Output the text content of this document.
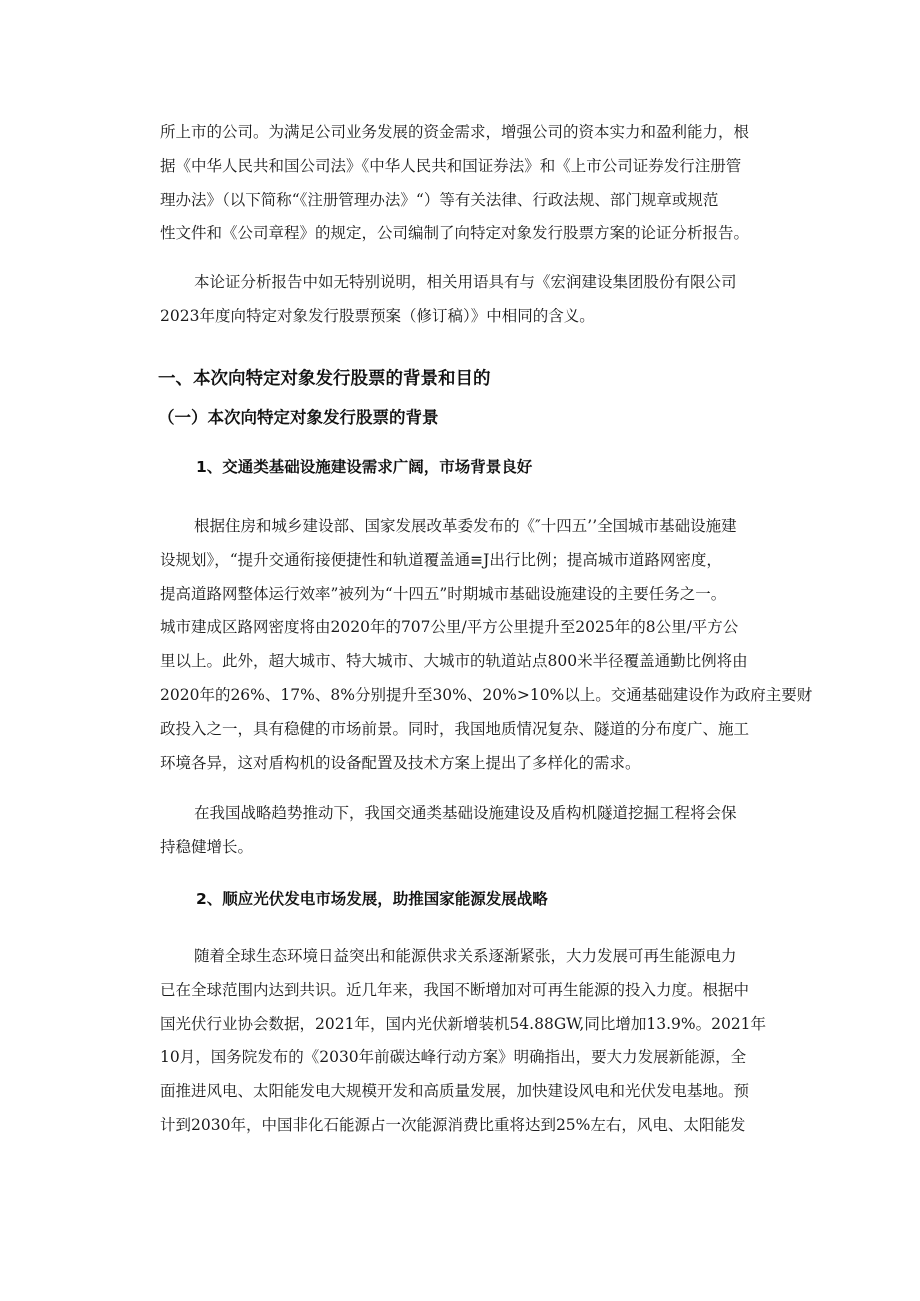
所上市的公司。为满足公司业务发展的资金需求，增强公司的资本实力和盈利能力，根
据《中华人民共和国公司法》《中华人民共和国证券法》和《上市公司证券发行注册管
理办法》（以下简称“《注册管理办法》“）等有关法律、行政法规、部门规章或规范
性文件和《公司章程》的规定，公司编制了向特定对象发行股票方案的论证分析报告。
本论证分析报告中如无特别说明，相关用语具有与《宏润建设集团股份有限公司
2023年度向特定对象发行股票预案（修订稿）》中相同的含义。
一、本次向特定对象发行股票的背景和目的
（一）本次向特定对象发行股票的背景
1、交通类基础设施建设需求广阔，市场背景良好
根据住房和城乡建设部、国家发展改革委发布的《″十四五’’全国城市基础设施建
设规划》，“提升交通衔接便捷性和轨道覆盖通≡J出行比例；提高城市道路网密度，
提高道路网整体运行效率”被列为“十四五”时期城市基础设施建设的主要任务之一。
城市建成区路网密度将由2020年的707公里/平方公里提升至2025年的8公里/平方公
里以上。此外，超大城市、特大城市、大城市的轨道站点800米半径覆盖通勤比例将由
2020年的26%、17%、8%分别提升至30%、20%>10%以上。交通基础建设作为政府主要财
政投入之一，具有稳健的市场前景。同时，我国地质情况复杂、隧道的分布度广、施工
环境各异，这对盾构机的设备配置及技术方案上提出了多样化的需求。
在我国战略趋势推动下，我国交通类基础设施建设及盾构机隧道挖掘工程将会保
持稳健增长。
2、顺应光伏发电市场发展，助推国家能源发展战略
随着全球生态环境日益突出和能源供求关系逐渐紧张，大力发展可再生能源电力
已在全球范围内达到共识。近几年来，我国不断增加对可再生能源的投入力度。根据中
国光伏行业协会数据，2021年，国内光伏新增装机54.88GW,同比增加13.9%。2021年
10月，国务院发布的《2030年前碳达峰行动方案》明确指出，要大力发展新能源，全
面推进风电、太阳能发电大规模开发和高质量发展，加快建设风电和光伏发电基地。预
计到2030年，中国非化石能源占一次能源消费比重将达到25%左右，风电、太阳能发
